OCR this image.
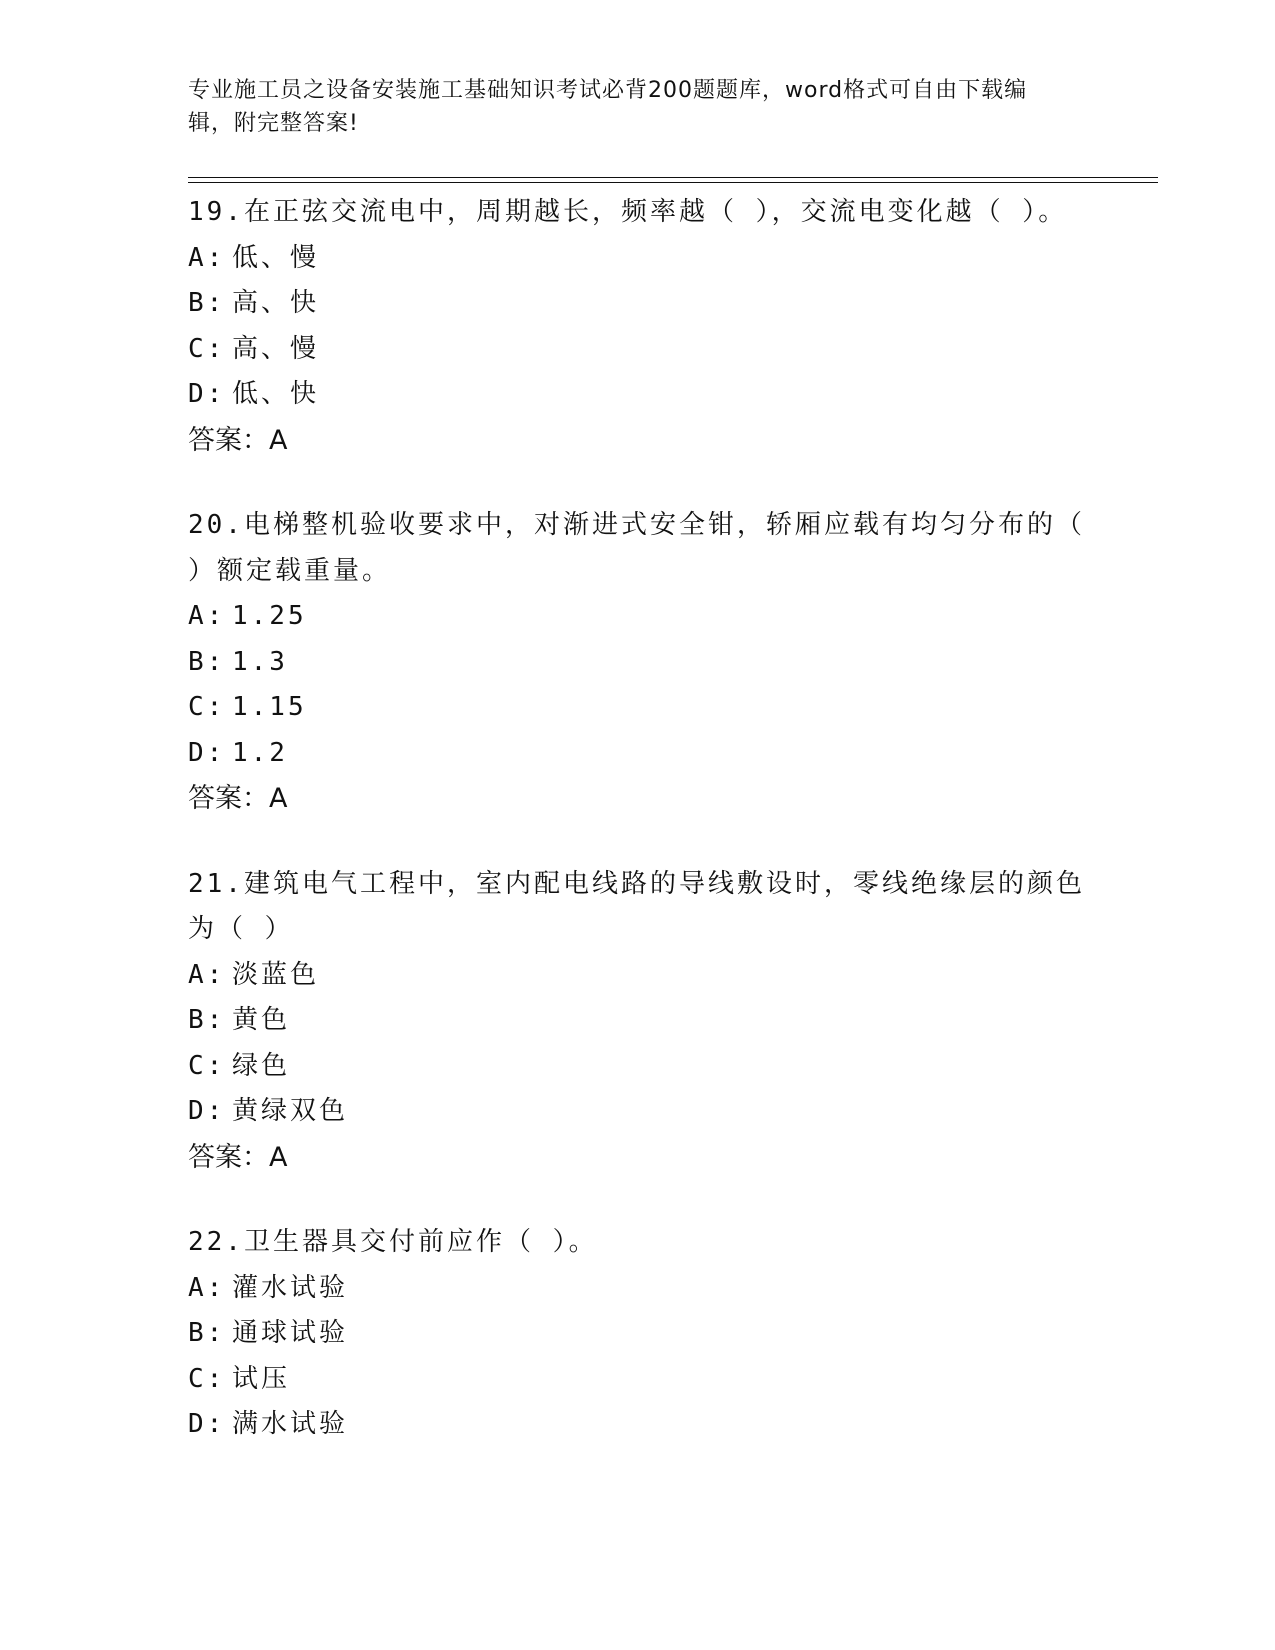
专业施工员之设备安装施工基础知识考试必背200题题库，word格式可自由下载编辑，附完整答案!

19.在正弦交流电中，周期越长，频率越（ ），交流电变化越（ ）。

A: 低、慢

B: 高、快

C: 高、慢

D: 低、快

答案：A

20.电梯整机验收要求中，对渐进式安全钳，轿厢应载有均匀分布的（ ）额定载重量。

A: 1.25

B: 1.3

C: 1.15

D: 1.2

答案：A

21.建筑电气工程中，室内配电线路的导线敷设时，零线绝缘层的颜色为（ ）

A: 淡蓝色

B: 黄色

C: 绿色

D: 黄绿双色

答案：A

22.卫生器具交付前应作（ ）。

A: 灌水试验

B: 通球试验

C: 试压

D: 满水试验
